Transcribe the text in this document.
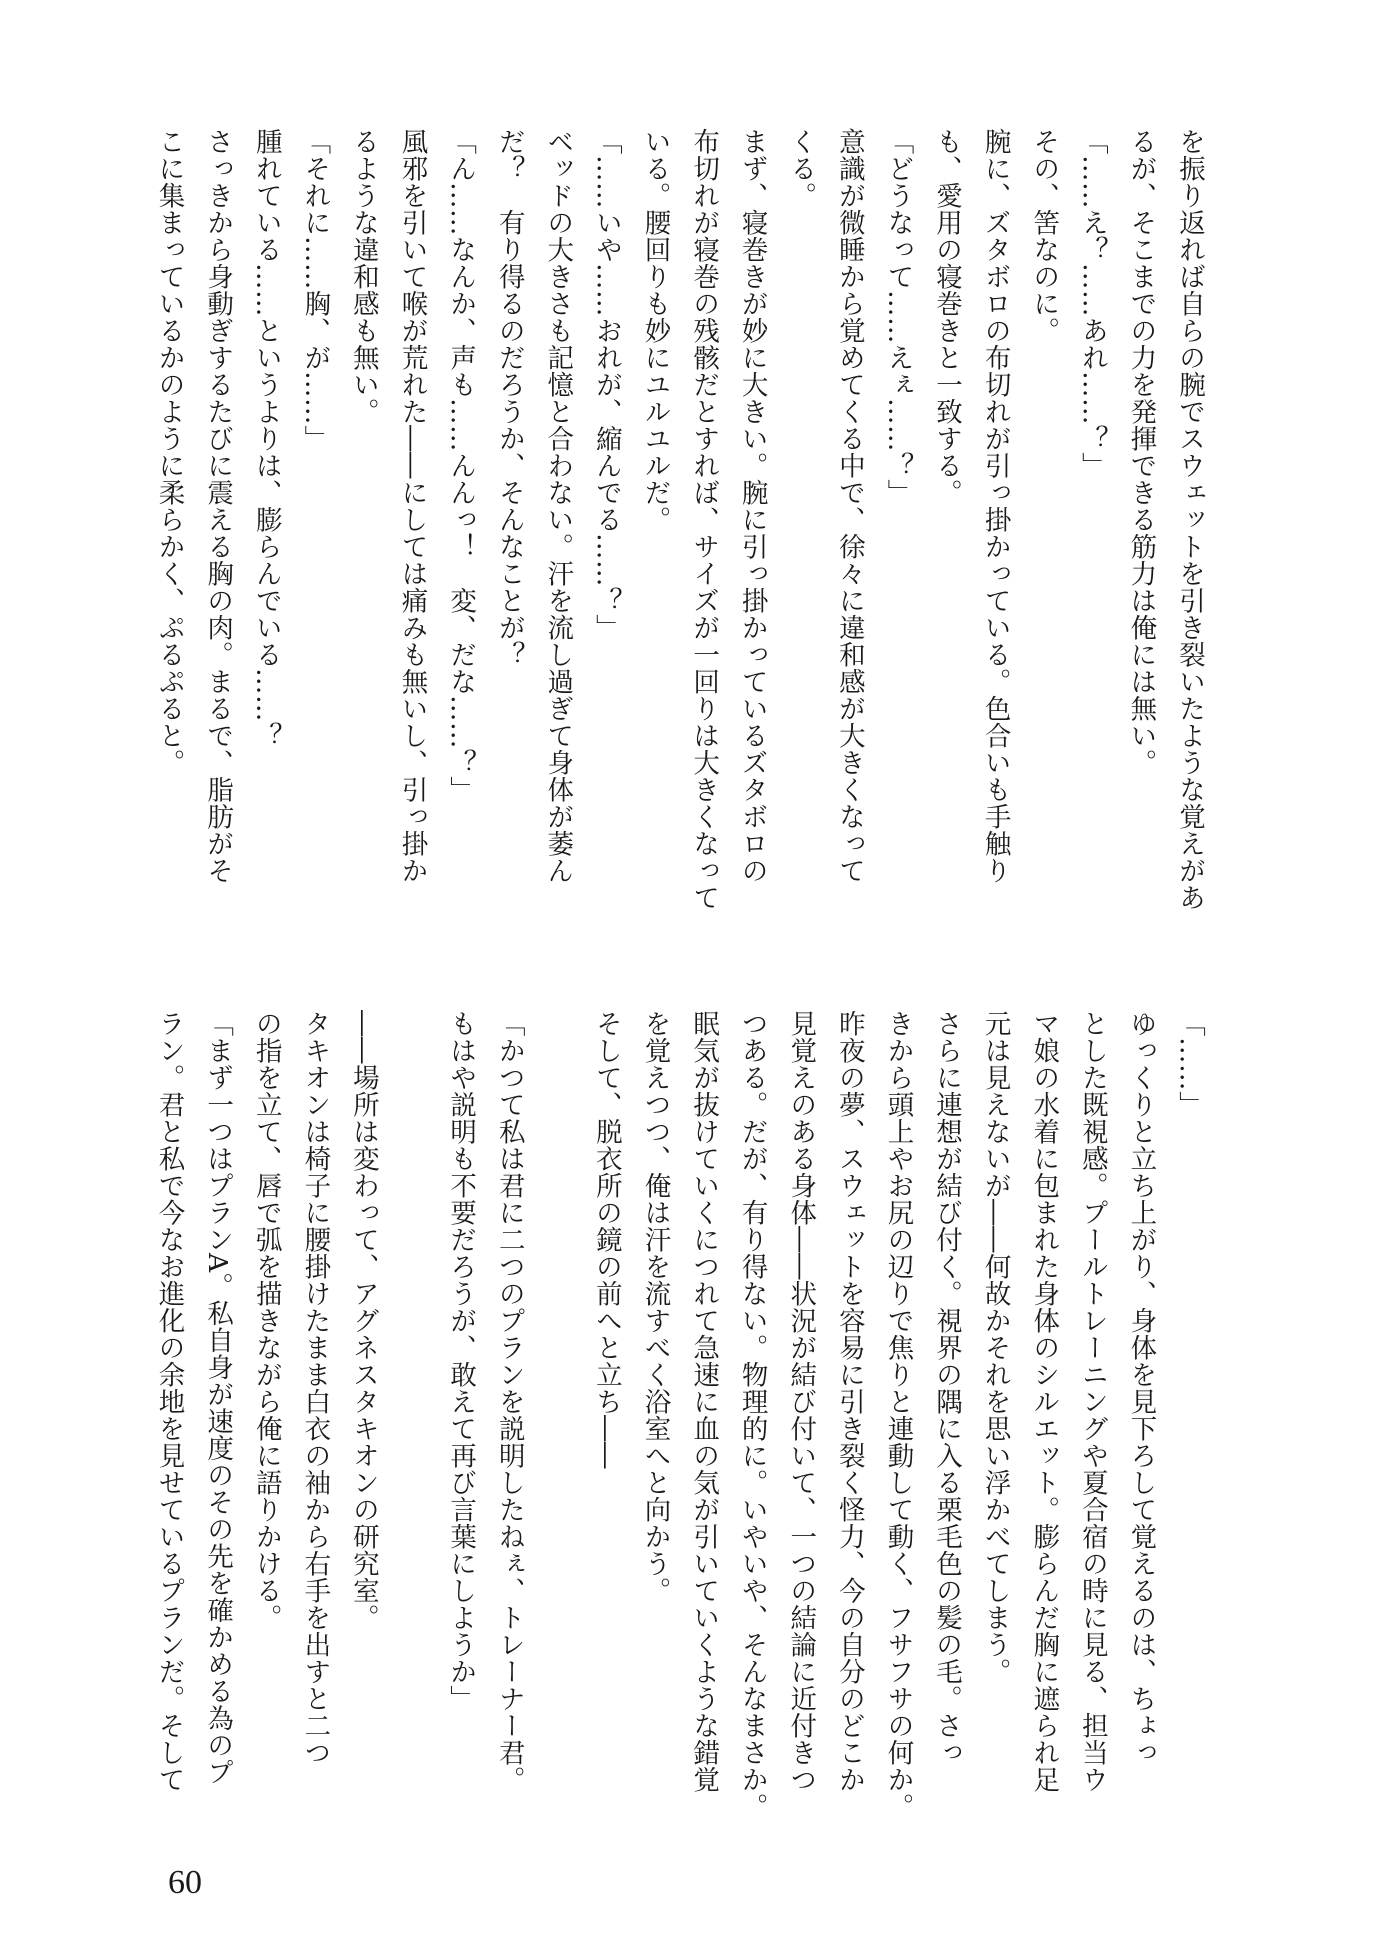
を振り返れば自らの腕でスウェットを引き裂いたような覚えがあ

るが、そこまでの力を発揮できる筋力は俺には無い。

「……え？……あれ……？」

その、筈なのに。

腕に、ズタボロの布切れが引っ掛かっている。色合いも手触り

も、愛用の寝巻きと一致する。

「どうなって……えぇ……？」

意識が微睡から覚めてくる中で、徐々に違和感が大きくなって

くる。

まず、寝巻きが妙に大きい。腕に引っ掛かっているズタボロの

布切れが寝巻の残骸だとすれば、サイズが一回りは大きくなって

いる。腰回りも妙にユルユルだ。

「……いや……おれが、縮んでる……？」

ベッドの大きさも記憶と合わない。汗を流し過ぎて身体が萎ん

だ？　有り得るのだろうか、そんなことが？

「ん……なんか、声も……んんっ！　変、だな……？」

風邪を引いて喉が荒れた――にしては痛みも無いし、引っ掛か

るような違和感も無い。

「それに……胸、が……」

腫れている……というよりは、膨らんでいる……？

さっきから身動ぎするたびに震える胸の肉。まるで、脂肪がそ

こに集まっているかのように柔らかく、ぷるぷると。

「……」

ゆっくりと立ち上がり、身体を見下ろして覚えるのは、ちょっ

とした既視感。プールトレーニングや夏合宿の時に見る、担当ウ

マ娘の水着に包まれた身体のシルエット。膨らんだ胸に遮られ足

元は見えないが――何故かそれを思い浮かべてしまう。

さらに連想が結び付く。視界の隅に入る栗毛色の髪の毛。さっ

きから頭上やお尻の辺りで焦りと連動して動く、フサフサの何か。

昨夜の夢、スウェットを容易に引き裂く怪力、今の自分のどこか

見覚えのある身体――状況が結び付いて、一つの結論に近付きつ

つある。だが、有り得ない。物理的に。いやいや、そんなまさか。

眠気が抜けていくにつれて急速に血の気が引いていくような錯覚

を覚えつつ、俺は汗を流すべく浴室へと向かう。

そして、脱衣所の鏡の前へと立ち――

「かつて私は君に二つのプランを説明したねぇ、トレーナー君。

もはや説明も不要だろうが、敢えて再び言葉にしようか」

――場所は変わって、アグネスタキオンの研究室。

タキオンは椅子に腰掛けたまま白衣の袖から右手を出すと二つ

の指を立て、唇で弧を描きながら俺に語りかける。

「まず一つはプランA。私自身が速度のその先を確かめる為のプ

ラン。君と私で今なお進化の余地を見せているプランだ。そして

60
